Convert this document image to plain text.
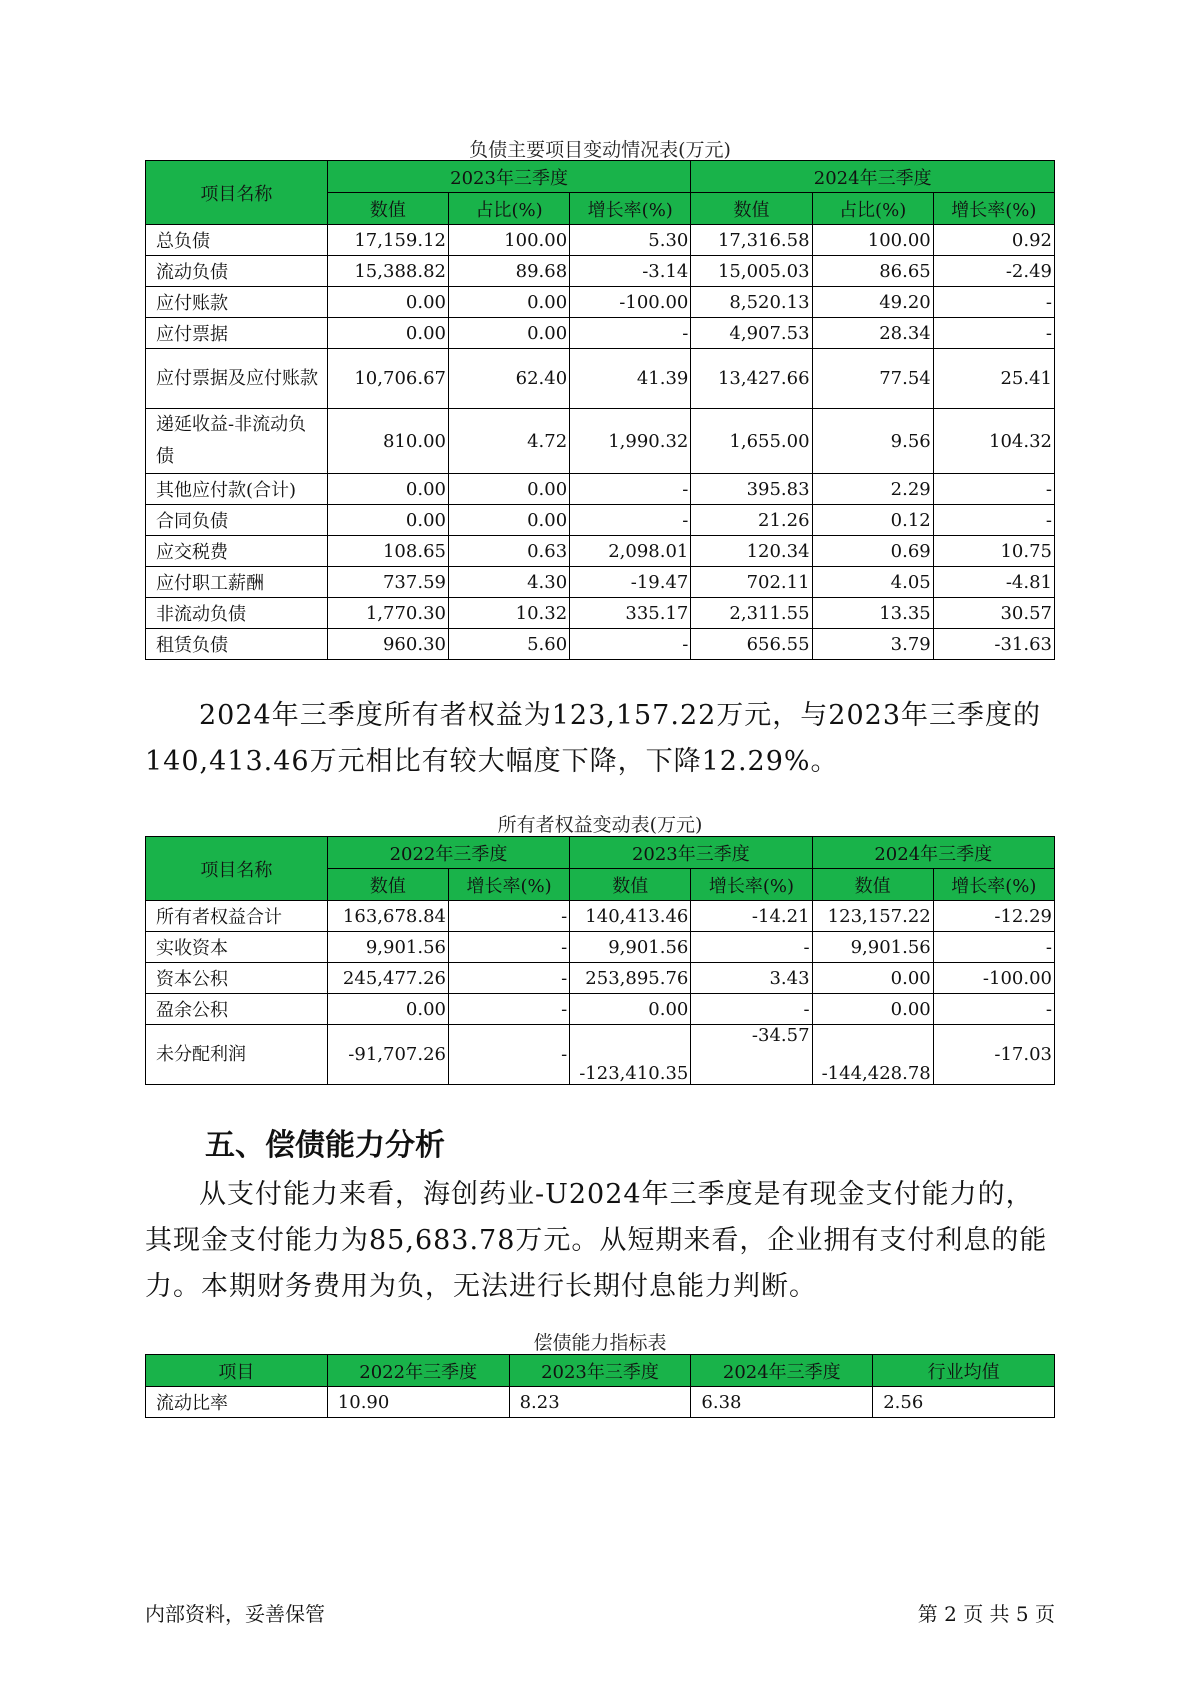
负债主要项目变动情况表(万元)
项目名称	2023年三季度			2024年三季度		
	数值	占比(%)	增长率(%)	数值	占比(%)	增长率(%)
总负债	17,159.12	100.00	5.30	17,316.58	100.00	0.92
流动负债	15,388.82	89.68	-3.14	15,005.03	86.65	-2.49
应付账款	0.00	0.00	-100.00	8,520.13	49.20	-
应付票据	0.00	0.00	-	4,907.53	28.34	-
应付票据及应付账款	10,706.67	62.40	41.39	13,427.66	77.54	25.41
递延收益-非流动负债	810.00	4.72	1,990.32	1,655.00	9.56	104.32
其他应付款(合计)	0.00	0.00	-	395.83	2.29	-
合同负债	0.00	0.00	-	21.26	0.12	-
应交税费	108.65	0.63	2,098.01	120.34	0.69	10.75
应付职工薪酬	737.59	4.30	-19.47	702.11	4.05	-4.81
非流动负债	1,770.30	10.32	335.17	2,311.55	13.35	30.57
租赁负债	960.30	5.60	-	656.55	3.79	-31.63

2024年三季度所有者权益为123,157.22万元，与2023年三季度的140,413.46万元相比有较大幅度下降，下降12.29%。

所有者权益变动表(万元)
项目名称	2022年三季度		2023年三季度		2024年三季度	
	数值	增长率(%)	数值	增长率(%)	数值	增长率(%)
所有者权益合计	163,678.84	-	140,413.46	-14.21	123,157.22	-12.29
实收资本	9,901.56	-	9,901.56	-	9,901.56	-
资本公积	245,477.26	-	253,895.76	3.43	0.00	-100.00
盈余公积	0.00	-	0.00	-	0.00	-
未分配利润	-91,707.26	-	-123,410.35	-34.57	-144,428.78	-17.03
五、偿债能力分析

从支付能力来看，海创药业-U2024年三季度是有现金支付能力的，其现金支付能力为85,683.78万元。从短期来看，企业拥有支付利息的能力。本期财务费用为负，无法进行长期付息能力判断。

偿债能力指标表
项目	2022年三季度	2023年三季度	2024年三季度	行业均值
流动比率	10.90	8.23	6.38	2.56
内部资料，妥善保管	第 2 页 共 5 页
